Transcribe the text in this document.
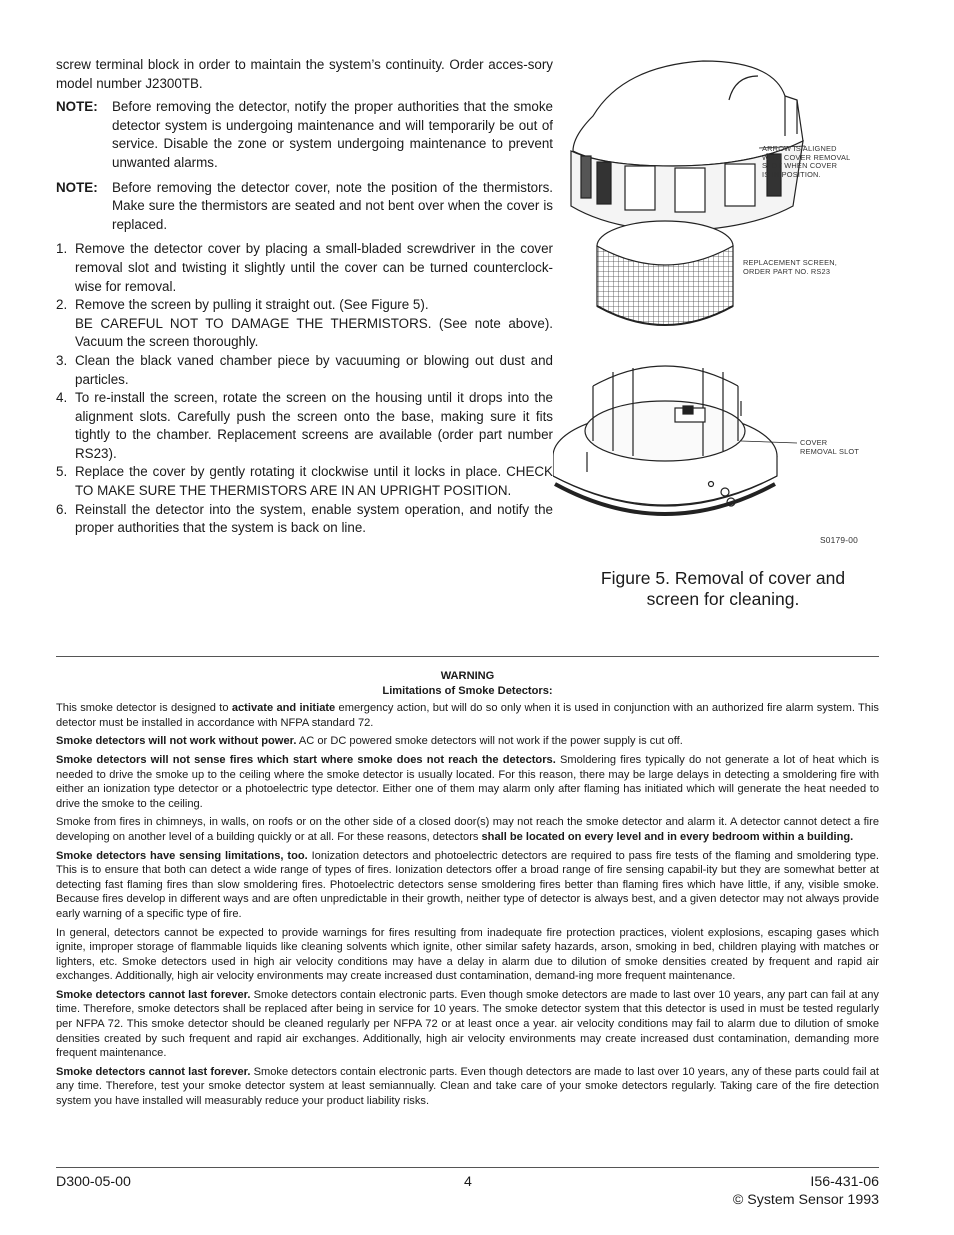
screw terminal block in order to maintain the system’s continuity. Order acces-sory model number J2300TB.

NOTE:	Before removing the detector, notify the proper authorities that the smoke detector system is undergoing maintenance and will temporarily be out of service. Disable the zone or system undergoing maintenance to prevent unwanted alarms.
NOTE:	Before removing the detector cover, note the position of the thermistors. Make sure the thermistors are seated and not bent over when the cover is replaced.
1. Remove the detector cover by placing a small-bladed screwdriver in the cover removal slot and twisting it slightly until the cover can be turned counterclock-wise for removal.
2. Remove the screen by pulling it straight out. (See Figure 5).
BE CAREFUL NOT TO DAMAGE THE THERMISTORS. (See note above). Vacuum the screen thoroughly.
3. Clean the black vaned chamber piece by vacuuming or blowing out dust and particles.
4. To re-install the screen, rotate the screen on the housing until it drops into the alignment slots. Carefully push the screen onto the base, making sure it fits tightly to the chamber. Replacement screens are available (order part number RS23).
5. Replace the cover by gently rotating it clockwise until it locks in place. CHECK TO MAKE SURE THE THERMISTORS ARE IN AN UPRIGHT POSITION.
6. Reinstall the detector into the system, enable system operation, and notify the proper authorities that the system is back on line.
ARROW IS ALIGNED
WITH COVER REMOVAL
SLOT WHEN COVER
IS IN POSITION.
REPLACEMENT SCREEN,
ORDER PART NO. RS23
COVER
REMOVAL SLOT
S0179-00
Figure 5. Removal of cover and
screen for cleaning.

WARNING

Limitations of Smoke Detectors:

This smoke detector is designed to activate and initiate emergency action, but will do so only when it is used in conjunction with an authorized fire alarm system. This detector must be installed in accordance with NFPA standard 72.

Smoke detectors will not work without power. AC or DC powered smoke detectors will not work if the power supply is cut off.

Smoke detectors will not sense fires which start where smoke does not reach the detectors. Smoldering fires typically do not generate a lot of heat which is needed to drive the smoke up to the ceiling where the smoke detector is usually located. For this reason, there may be large delays in detecting a smoldering fire with either an ionization type detector or a photoelectric type detector. Either one of them may alarm only after flaming has initiated which will generate the heat needed to drive the smoke to the ceiling.

Smoke from fires in chimneys, in walls, on roofs or on the other side of a closed door(s) may not reach the smoke detector and alarm it. A detector cannot detect a fire developing on another level of a building quickly or at all. For these reasons, detectors shall be located on every level and in every bedroom within a building.

Smoke detectors have sensing limitations, too. Ionization detectors and photoelectric detectors are required to pass fire tests of the flaming and smoldering type. This is to ensure that both can detect a wide range of types of fires. Ionization detectors offer a broad range of fire sensing capabil-ity but they are somewhat better at detecting fast flaming fires than slow smoldering fires. Photoelectric detectors sense smoldering fires better than flaming fires which have little, if any, visible smoke. Because fires develop in different ways and are often unpredictable in their growth, neither type of detector is always best, and a given detector may not always provide early warning of a specific type of fire.

In general, detectors cannot be expected to provide warnings for fires resulting from inadequate fire protection practices, violent explosions, escaping gases which ignite, improper storage of flammable liquids like cleaning solvents which ignite, other similar safety hazards, arson, smoking in bed, children playing with matches or lighters, etc. Smoke detectors used in high air velocity conditions may have a delay in alarm due to dilution of smoke densities created by frequent and rapid air exchanges. Additionally, high air velocity environments may create increased dust contamination, demand-ing more frequent maintenance.

Smoke detectors cannot last forever. Smoke detectors contain electronic parts. Even though smoke detectors are made to last over 10 years, any part can fail at any time. Therefore, smoke detectors shall be replaced after being in service for 10 years. The smoke detector system that this detector is used in must be tested regularly per NFPA 72. This smoke detector should be cleaned regularly per NFPA 72 or at least once a year. air velocity conditions may fail to alarm due to dilution of smoke densities created by such frequent and rapid air exchanges. Additionally, high air velocity environments may create increased dust contamination, demanding more frequent maintenance.

Smoke detectors cannot last forever. Smoke detectors contain electronic parts. Even though detectors are made to last over 10 years, any of these parts could fail at any time. Therefore, test your smoke detector system at least semiannually. Clean and take care of your smoke detectors regularly. Taking care of the fire detection system you have installed will measurably reduce your product liability risks.

D300-05-00	4	I56-431-06
© System Sensor 1993
